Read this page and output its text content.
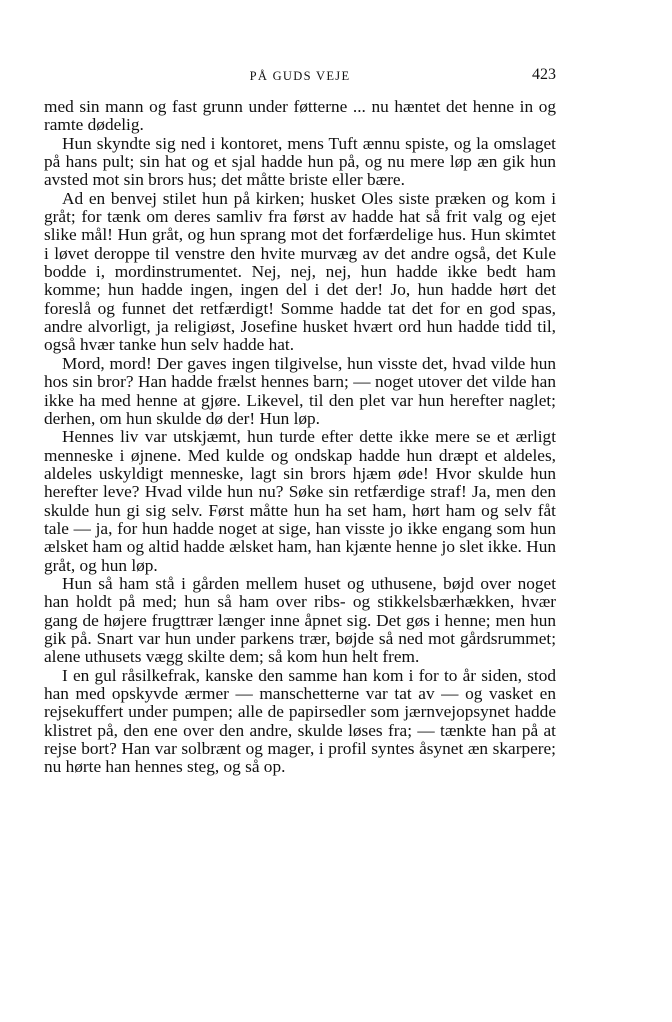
PÅ GUDS VEJE	423

med sin mann og fast grunn under føtterne ... nu hæntet det henne in og ramte dødelig.

Hun skyndte sig ned i kontoret, mens Tuft ænnu spiste, og la omslaget på hans pult; sin hat og et sjal hadde hun på, og nu mere løp æn gik hun avsted mot sin brors hus; det måtte briste eller bære.

Ad en benvej stilet hun på kirken; husket Oles siste præken og kom i gråt; for tænk om deres samliv fra først av hadde hat så frit valg og ejet slike mål! Hun gråt, og hun sprang mot det forfærdelige hus. Hun skimtet i løvet deroppe til venstre den hvite murvæg av det andre også, det Kule bodde i, mordinstrumentet. Nej, nej, nej, hun hadde ikke bedt ham komme; hun hadde ingen, ingen del i det der! Jo, hun hadde hørt det foreslå og funnet det retfærdigt! Somme hadde tat det for en god spas, andre alvorligt, ja religiøst, Josefine husket hvært ord hun hadde tidd til, også hvær tanke hun selv hadde hat.

Mord, mord! Der gaves ingen tilgivelse, hun visste det, hvad vilde hun hos sin bror? Han hadde frælst hennes barn; — noget utover det vilde han ikke ha med henne at gjøre. Likevel, til den plet var hun herefter naglet; derhen, om hun skulde dø der! Hun løp.

Hennes liv var utskjæmt, hun turde efter dette ikke mere se et ærligt menneske i øjnene. Med kulde og ondskap hadde hun dræpt et aldeles, aldeles uskyldigt menneske, lagt sin brors hjæm øde! Hvor skulde hun herefter leve? Hvad vilde hun nu? Søke sin retfærdige straf! Ja, men den skulde hun gi sig selv. Først måtte hun ha set ham, hørt ham og selv fåt tale — ja, for hun hadde noget at sige, han visste jo ikke engang som hun ælsket ham og altid hadde ælsket ham, han kjænte henne jo slet ikke. Hun gråt, og hun løp.

Hun så ham stå i gården mellem huset og uthusene, bøjd over noget han holdt på med; hun så ham over ribs- og stikkelsbærhækken, hvær gang de højere frugttrær længer inne åpnet sig. Det gøs i henne; men hun gik på. Snart var hun under parkens trær, bøjde så ned mot gårdsrummet; alene uthusets vægg skilte dem; så kom hun helt frem.

I en gul råsilkefrak, kanske den samme han kom i for to år siden, stod han med opskyvde ærmer — manschetterne var tat av — og vasket en rejsekuffert under pumpen; alle de papirsedler som jærnvejopsynet hadde klistret på, den ene over den andre, skulde løses fra; — tænkte han på at rejse bort? Han var solbrænt og mager, i profil syntes åsynet æn skarpere; nu hørte han hennes steg, og så op.
